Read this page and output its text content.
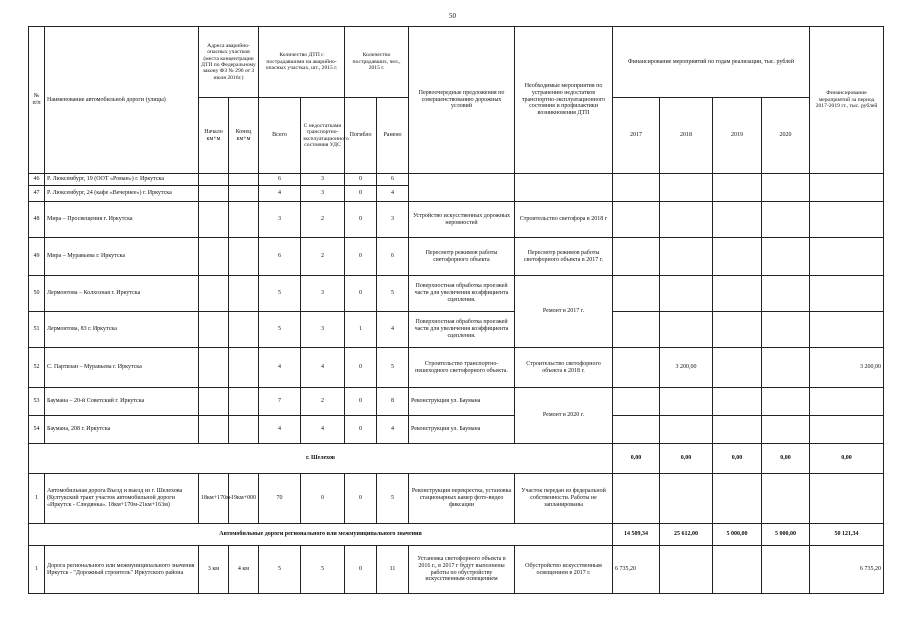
50
№ п/п	Наименование автомобильной дороги (улицы)	Адреса аварийно-опасных участков (места концентрации ДТП по Федеральному закону ФЗ № 296 от 3 июля 2016г.)		Количество ДТП с пострадавшими на аварийно-опасных участках, шт., 2015 г.		Количество пострадавших, чел., 2015 г.		Первоочередные предложения по совершенствованию дорожных условий	Необходимые мероприятия по устранению недостатков транспортно-эксплуатационного состояния и профилактики возникновения ДТП	Финансирование мероприятий по годам реализации, тыс. рублей				Финансирование мероприятий за период 2017-2019 гг., тыс. рублей
		Начало км+м	Конец км+м	Всего	С недостатками транспортно-эксплуатационного состояния УДС	Погибло	Ранено			2017	2018	2019	2020	
46	Р. Люксембург, 19 (ООТ «Роман») г. Иркутска			6	3	0	6							
47	Р. Люксембург, 24 (кафе «Вечернее») г. Иркутска			4	3	0	4							
48	Мира – Просвещения г. Иркутска			3	2	0	3	Устройство искусственных дорожных неровностей	Строительство светофора в 2018 г					
49	Мира – Муравьева г. Иркутска			6	2	0	6	Пересмотр режимов работы светофорного объекта	Пересмотр режимов работы светофорного объекта в 2017 г.					
50	Лермонтова – Колхозная г. Иркутска			5	3	0	5	Поверхностная обработка проезжей части для увеличения коэффициента сцепления.	Ремонт в 2017 г.					
51	Лермонтова, 83 г. Иркутска			5	3	1	4	Поверхностная обработка проезжей части для увеличения коэффициента сцепления.						
52	С. Партизан – Муравьева г. Иркутска			4	4	0	5	Строительство транспортно-пешеходного светофорного объекта.	Строительство светофорного объекта в 2018 г.		3 200,00			3 200,00
53	Баумана – 20-й Советский г. Иркутска			7	2	0	8	Реконструкция ул. Баумана	Ремонт в 2020 г.					
54	Баумана, 208 г. Иркутска			4	4	0	4	Реконструкция ул. Баумана						
г. Шелехов										0,00	0,00	0,00	0,00	0,00
1	Автомобильная дорога Въезд и выезд из г. Шелехова (Култукский тракт участок автомобильной дороги «Иркутск - Слюдянка». 18км+170м-21км+163м)	18км+170м-	19км+000	70	0	0	5	Реконструкция перекрестка, установка стационарных камер фото-видео фиксации	Участок передан из федеральной собственности. Работы не запланированы					
Автомобильные дороги регионального или межмуниципального значения										14 509,34	25 612,00	5 000,00	5 000,00	50 121,34
1	Дорога регионального или межмуниципального значения Иркутск - "Дорожный строитель" Иркутского района	3 км	4 км	5	5	0	11	Установка светофорного объекта в 2016 г., в 2017 г будут выполнены работы по обустройству искусственным освещением	Обустройство искусственным освещением в 2017 г.	6 735,20				6 735,20
